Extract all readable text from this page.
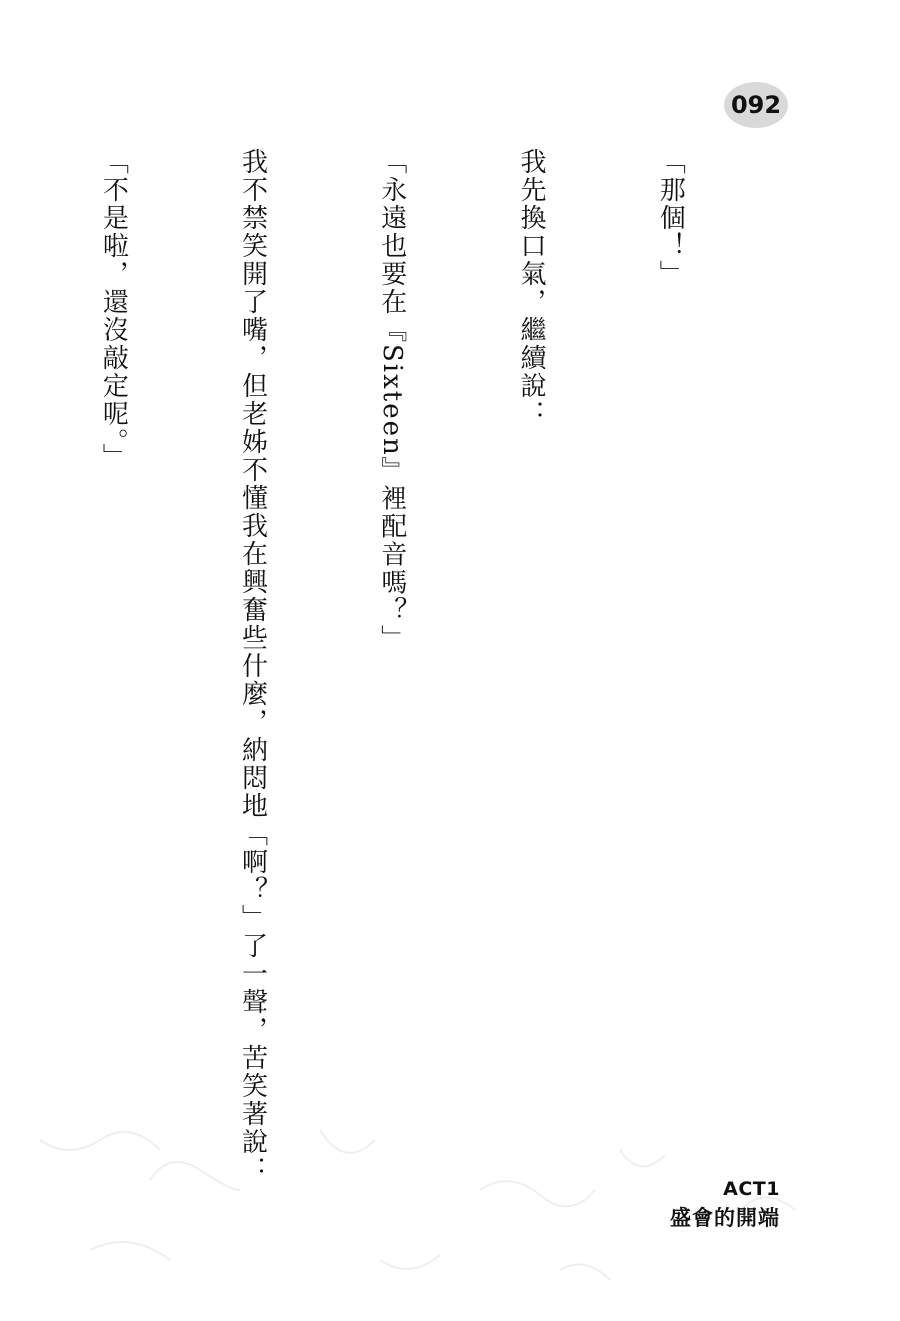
092

「那個！」

我先換口氣，繼續說：

「永遠也要在『Sixteen』裡配音嗎？」

我不禁笑開了嘴，但老姊不懂我在興奮些什麼，納悶地「啊？」了一聲，苦笑著說：

「不是啦，還沒敲定呢。」

ACT1
盛會的開端
